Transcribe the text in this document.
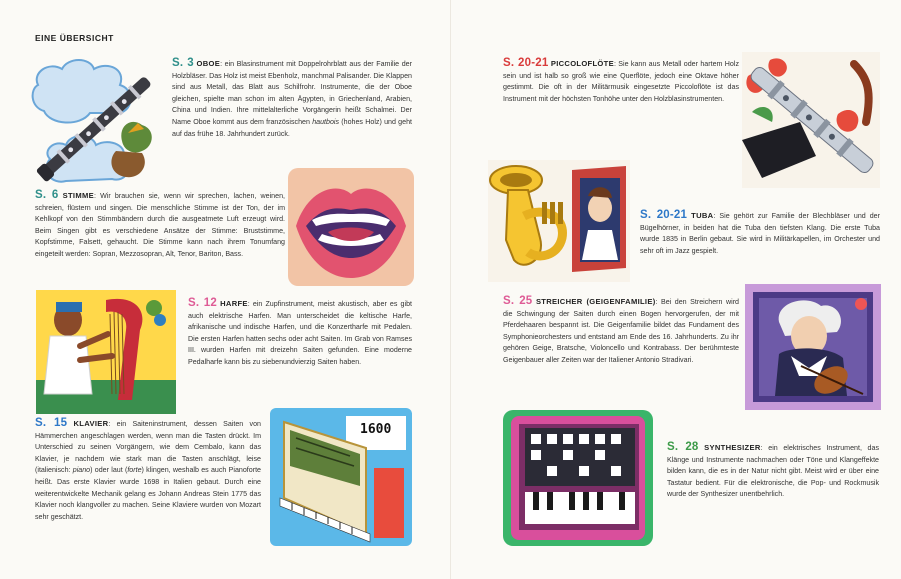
EINE ÜBERSICHT
S. 3 OBOE: ein Blasinstrument mit Doppelrohrblatt aus der Familie der Holzbläser. Das Holz ist meist Ebenholz, manchmal Palisander. Die Klappen sind aus Metall, das Blatt aus Schilfrohr. Instrumente, die der Oboe gleichen, spielte man schon im alten Ägypten, in Griechenland, Arabien, China und Indien. Ihre mittelalterliche Vorgängerin heißt Schalmei. Der Name Oboe kommt aus dem französischen hautbois (hohes Holz) und geht auf das frühe 18. Jahrhundert zurück.
S. 6 STIMME: Wir brauchen sie, wenn wir sprechen, lachen, weinen, schreien, flüstern und singen. Die menschliche Stimme ist der Ton, der im Kehlkopf von den Stimmbändern durch die ausgeatmete Luft erzeugt wird. Beim Singen gibt es verschiedene Ansätze der Stimme: Bruststimme, Kopfstimme, Falsett, gehaucht. Die Stimme kann nach ihrem Tonumfang eingeteilt werden: Sopran, Mezzosopran, Alt, Tenor, Bariton, Bass.
S. 12 HARFE: ein Zupfinstrument, meist akustisch, aber es gibt auch elektrische Harfen. Man unterscheidet die keltische Harfe, afrikanische und indische Harfen, und die Konzertharfe mit Pedalen. Die ersten Harfen hatten sechs oder acht Saiten. Im Grab von Ramses III. wurden Harfen mit dreizehn Saiten gefunden. Eine moderne Pedalharfe kann bis zu siebenundvierzig Saiten haben.
S. 15 KLAVIER: ein Saiteninstrument, dessen Saiten von Hämmerchen angeschlagen werden, wenn man die Tasten drückt. Im Unterschied zu seinen Vorgängern, wie dem Cembalo, kann das Klavier, je nachdem wie stark man die Tasten anschlägt, leise (italienisch: piano) oder laut (forte) klingen, weshalb es auch Pianoforte heißt. Das erste Klavier wurde 1698 in Italien gebaut. Durch eine weiterentwickelte Mechanik gelang es Johann Andreas Stein 1775 das Klavier noch klangvoller zu machen. Seine Klaviere wurden von Mozart sehr geschätzt.
1600
S. 20-21 PICCOLOFLÖTE: Sie kann aus Metall oder hartem Holz sein und ist halb so groß wie eine Querflöte, jedoch eine Oktave höher gestimmt. Die oft in der Militärmusik eingesetzte Piccoloflöte ist das Instrument mit der höchsten Tonhöhe unter den Holzblasinstrumenten.
S. 20-21 TUBA: Sie gehört zur Familie der Blechbläser und der Bügelhörner, in beiden hat die Tuba den tiefsten Klang. Die erste Tuba wurde 1835 in Berlin gebaut. Sie wird in Militärkapellen, im Orchester und sehr oft im Jazz gespielt.
S. 25 STREICHER (GEIGENFAMILIE): Bei den Streichern wird die Schwingung der Saiten durch einen Bogen hervorgerufen, der mit Pferdehaaren bespannt ist. Die Geigenfamilie bildet das Fundament des Symphonieorchesters und entstand am Ende des 16. Jahrhunderts. Zu ihr gehören Geige, Bratsche, Violoncello und Kontrabass. Der berühmteste Geigenbauer aller Zeiten war der Italiener Antonio Stradivari.
S. 28 SYNTHESIZER: ein elektrisches Instrument, das Klänge und Instrumente nachmachen oder Töne und Klangeffekte bilden kann, die es in der Natur nicht gibt. Meist wird er über eine Tastatur bedient. Für die elektronische, die Pop- und Rockmusik wurde der Synthesizer unentbehrlich.
